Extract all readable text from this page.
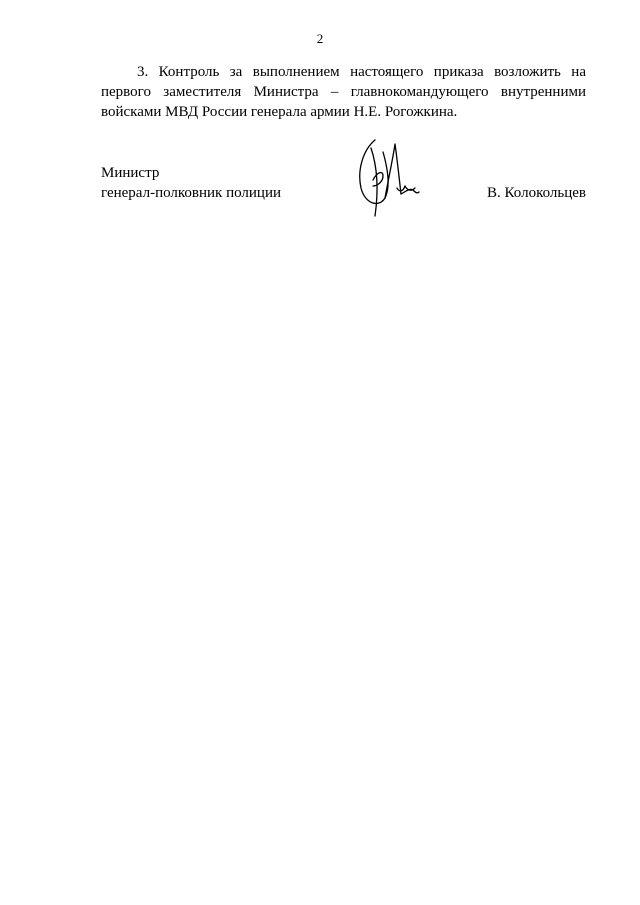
2

3. Контроль за выполнением настоящего приказа возложить на
первого заместителя Министра – главнокомандующего внутренними
войсками МВД России генерала армии Н.Е. Рогожкина.

Министр
генерал-полковник полиции	В. Колокольцев
